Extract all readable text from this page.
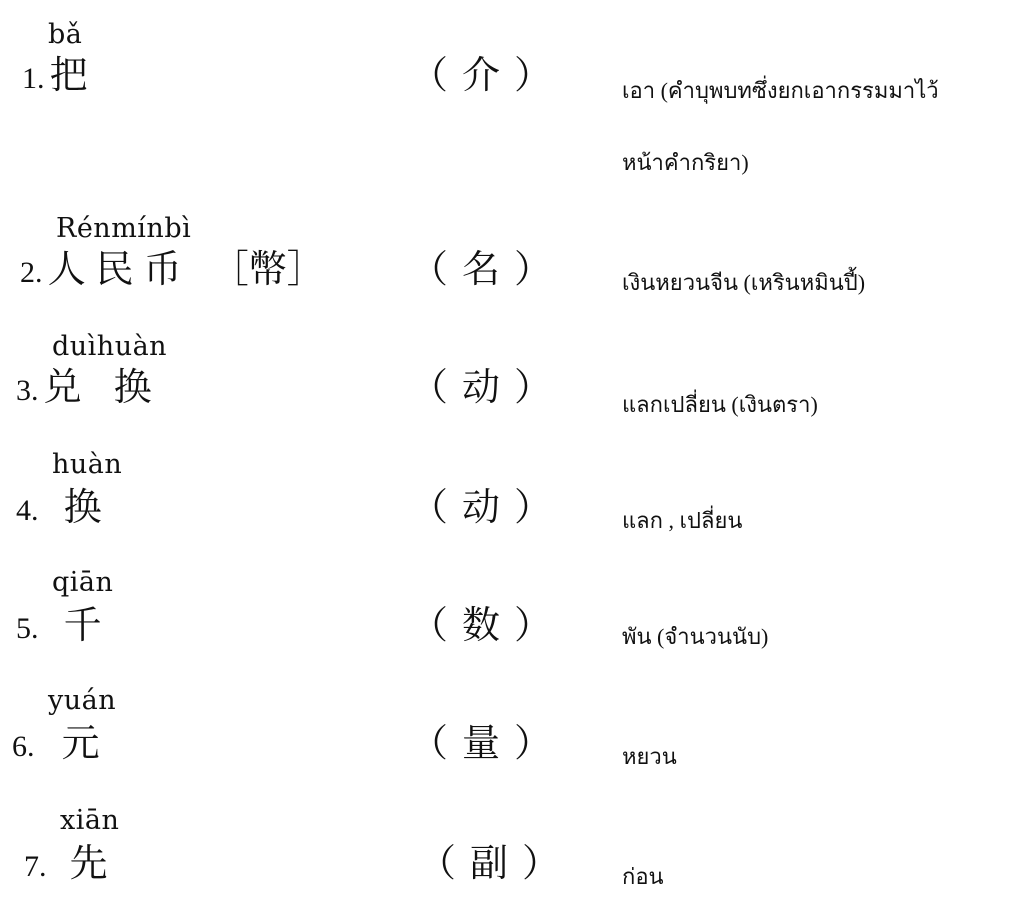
bǎ
1. 把	（ 介 ）	เอา (คำบุพบทซึ่งยกเอากรรมมาไว้
หน้าคำกริยา)
Rénmínbì
2. 人民币 ［幣］ （ 名 ）	เงินหยวนจีน (เหรินหมินปี้)
duìhuàn
3. 兑 换	（ 动 ）	แลกเปลี่ยน (เงินตรา)
huàn
4. 换	（ 动 ）	แลก , เปลี่ยน
qiān
5. 千	（ 数 ）	พัน (จำนวนนับ)
yuán
6. 元	（ 量 ）	หยวน
xiān
7. 先	（ 副 ）	ก่อน
